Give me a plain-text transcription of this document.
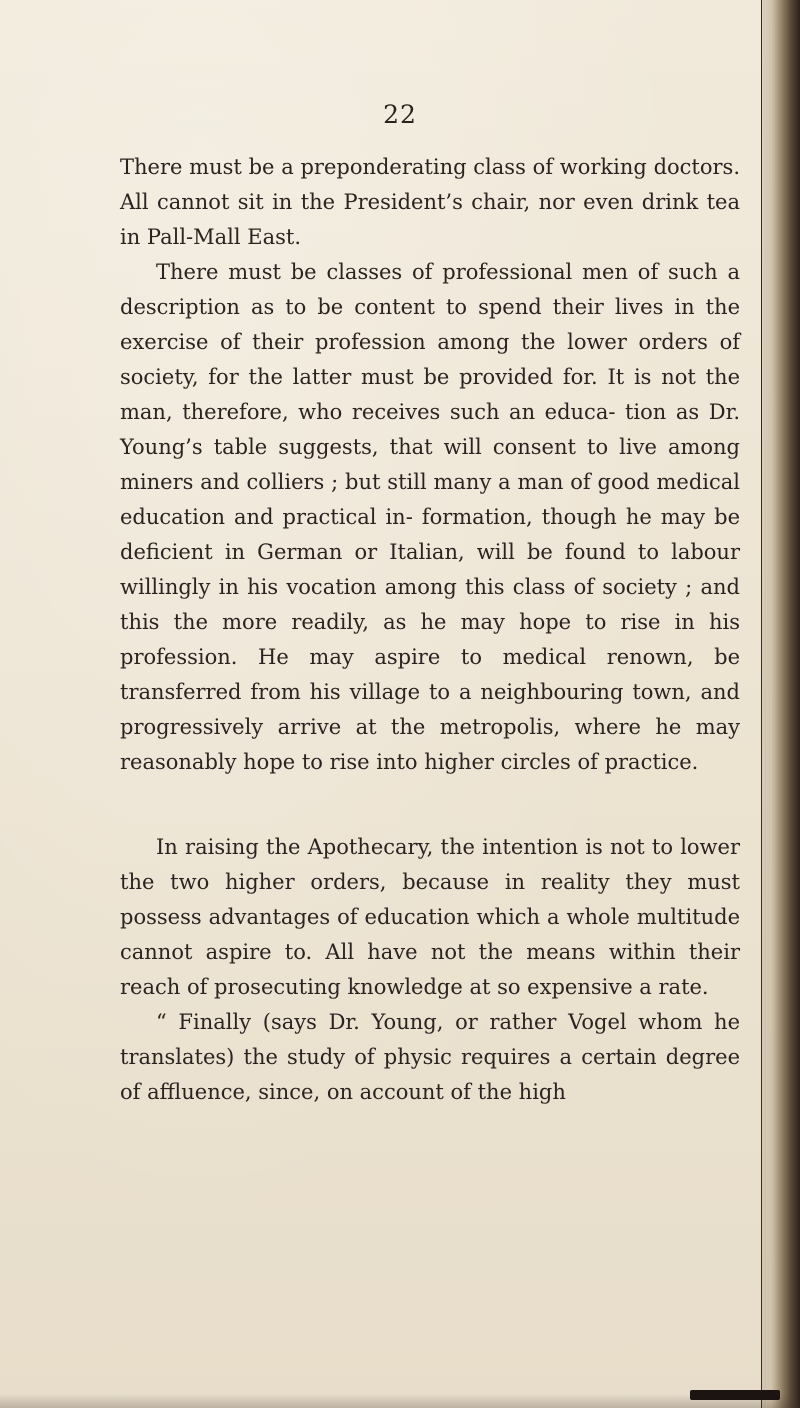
22

There must be a preponderating class of working doctors. All cannot sit in the President’s chair, nor even drink tea in Pall-Mall East.

There must be classes of professional men of such a description as to be content to spend their lives in the exercise of their profession among the lower orders of society, for the latter must be provided for. It is not the man, therefore, who receives such an educa- tion as Dr. Young’s table suggests, that will consent to live among miners and colliers ; but still many a man of good medical education and practical in- formation, though he may be deficient in German or Italian, will be found to labour willingly in his vocation among this class of society ; and this the more readily, as he may hope to rise in his profession. He may aspire to medical renown, be transferred from his village to a neighbouring town, and progressively arrive at the metropolis, where he may reasonably hope to rise into higher circles of practice.

In raising the Apothecary, the intention is not to lower the two higher orders, because in reality they must possess advantages of education which a whole multitude cannot aspire to. All have not the means within their reach of prosecuting knowledge at so expensive a rate.

“ Finally (says Dr. Young, or rather Vogel whom he translates) the study of physic requires a certain degree of affluence, since, on account of the high
